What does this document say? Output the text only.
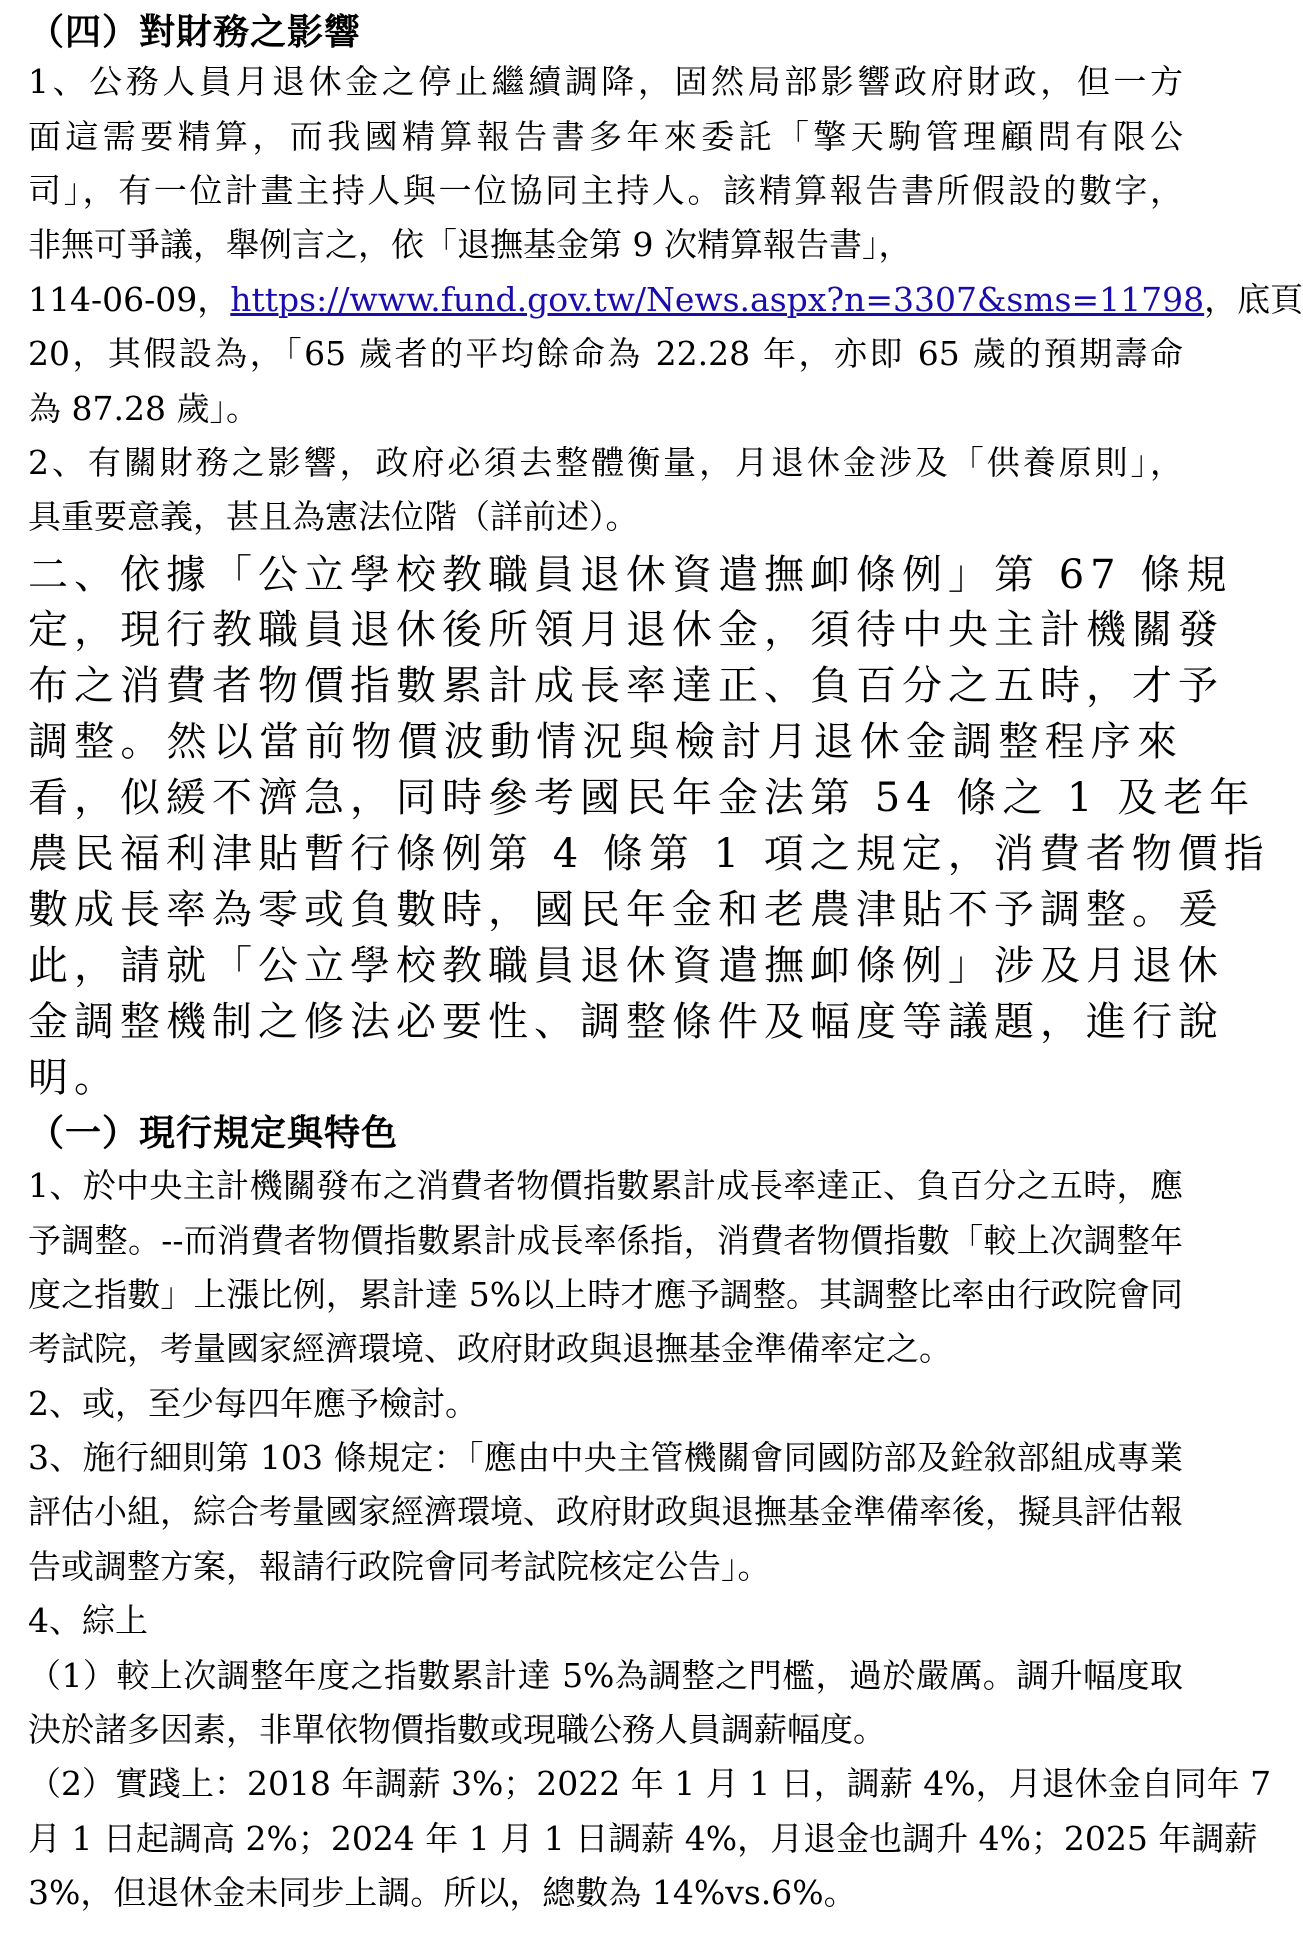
（四）對財務之影響
1、公務人員月退休金之停止繼續調降，固然局部影響政府財政，但一方
面這需要精算，而我國精算報告書多年來委託「擎天駒管理顧問有限公
司」，有一位計畫主持人與一位協同主持人。該精算報告書所假設的數字，
非無可爭議，舉例言之，依「退撫基金第 9 次精算報告書」，
114-06-09，https://www.fund.gov.tw/News.aspx?n=3307&sms=11798，底頁
20，其假設為，「65 歲者的平均餘命為 22.28 年，亦即 65 歲的預期壽命
為 87.28 歲」。
2、有關財務之影響，政府必須去整體衡量，月退休金涉及「供養原則」，
具重要意義，甚且為憲法位階（詳前述）。
二、依據「公立學校教職員退休資遣撫卹條例」第 67 條規
定，現行教職員退休後所領月退休金，須待中央主計機關發
布之消費者物價指數累計成長率達正、負百分之五時，才予
調整。然以當前物價波動情況與檢討月退休金調整程序來
看，似緩不濟急，同時參考國民年金法第 54 條之 1 及老年
農民福利津貼暫行條例第 4 條第 1 項之規定，消費者物價指
數成長率為零或負數時，國民年金和老農津貼不予調整。爰
此，請就「公立學校教職員退休資遣撫卹條例」涉及月退休
金調整機制之修法必要性、調整條件及幅度等議題，進行說
明。
（一）現行規定與特色
1、於中央主計機關發布之消費者物價指數累計成長率達正、負百分之五時，應
予調整。--而消費者物價指數累計成長率係指，消費者物價指數「較上次調整年
度之指數」上漲比例，累計達 5%以上時才應予調整。其調整比率由行政院會同
考試院，考量國家經濟環境、政府財政與退撫基金準備率定之。
2、或，至少每四年應予檢討。
3、施行細則第 103 條規定：「應由中央主管機關會同國防部及銓敘部組成專業
評估小組，綜合考量國家經濟環境、政府財政與退撫基金準備率後，擬具評估報
告或調整方案，報請行政院會同考試院核定公告」。
4、綜上
（1）較上次調整年度之指數累計達 5%為調整之門檻，過於嚴厲。調升幅度取
決於諸多因素，非單依物價指數或現職公務人員調薪幅度。
（2）實踐上：2018 年調薪 3%；2022 年 1 月 1 日，調薪 4%，月退休金自同年 7
月 1 日起調高 2%；2024 年 1 月 1 日調薪 4%，月退金也調升 4%；2025 年調薪
3%，但退休金未同步上調。所以，總數為 14%vs.6%。
